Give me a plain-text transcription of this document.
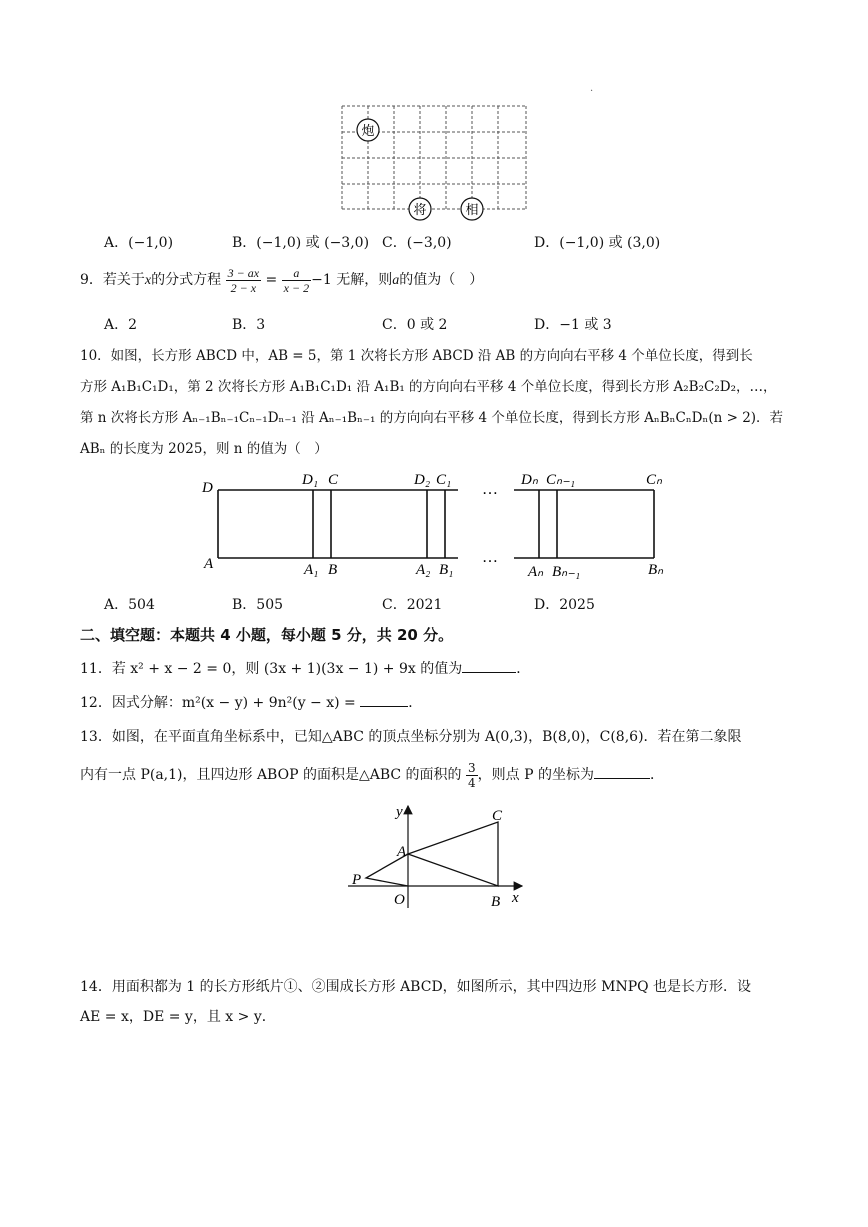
·
炮
将	相
A．(−1,0)	B．(−1,0) 或 (−3,0) C．(−3,0)	D．(−1,0) 或 (3,0)
9．若关于x的分式方程 $\frac{3 - ax}{2 - x} = \frac{a}{x - 2} -1$ 无解，则a的值为（　）
A．2	B．3	C．0 或 2	D．−1 或 3
10．如图，长方形 ABCD 中，AB = 5，第 1 次将长方形 ABCD 沿 AB 的方向向右平移 4 个单位长度，得到长
方形 A₁B₁C₁D₁，第 2 次将长方形 A₁B₁C₁D₁ 沿 A₁B₁ 的方向向右平移 4 个单位长度，得到长方形 A₂B₂C₂D₂，…，
第 n 次将长方形 Aₙ₋₁Bₙ₋₁Cₙ₋₁Dₙ₋₁ 沿 Aₙ₋₁Bₙ₋₁ 的方向向右平移 4 个单位长度，得到长方形 AₙBₙCₙDₙ(n > 2)．若
ABₙ 的长度为 2025，则 n 的值为（　）
D	D₁ C	D₂ C₁	Dₙ Cₙ₋₁	Cₙ
A	A₁ B	A₂ B₁	Aₙ Bₙ₋₁	Bₙ
…
…
A．504	B．505	C．2021	D．2025
二、填空题：本题共 4 小题，每小题 5 分，共 20 分。
11．若 x² + x − 2 = 0，则 (3x + 1)(3x − 1) + 9x 的值为	．
12．因式分解：m²(x − y) + 9n²(y − x) =	．
13．如图，在平面直角坐标系中，已知△ABC 的顶点坐标分别为 A(0,3)，B(8,0)，C(8,6)．若在第二象限
内有一点 P(a,1)，且四边形 ABOP 的面积是△ABC 的面积的 $\frac{3}{4}$ ，则点 P 的坐标为	．
y
x
A
B
C
O
P
14．用面积都为 1 的长方形纸片①、②围成长方形 ABCD，如图所示，其中四边形 MNPQ 也是长方形．设
AE = x，DE = y，且 x > y．
